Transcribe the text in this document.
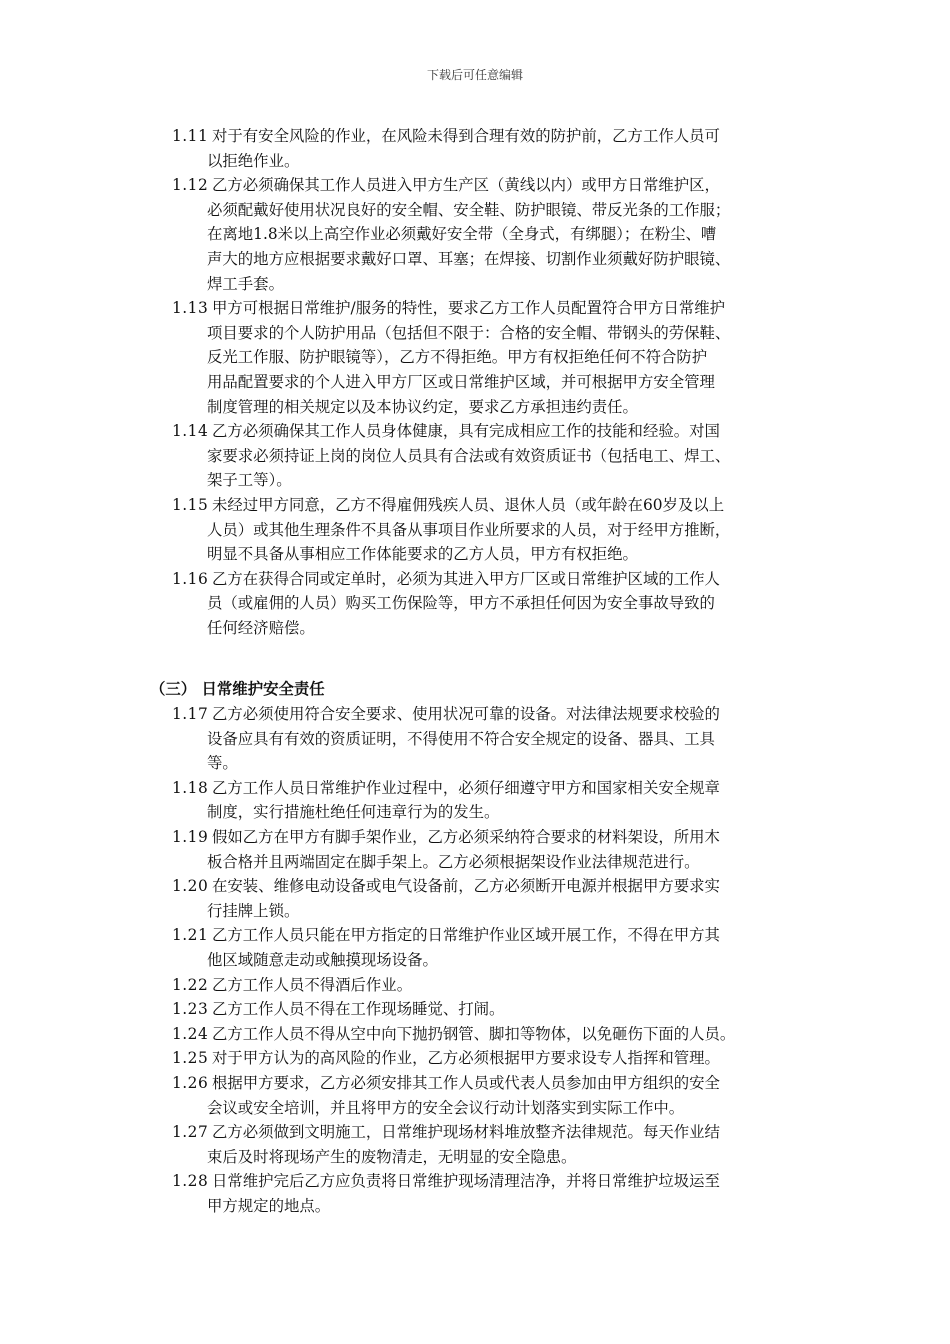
下载后可任意编辑
1.11 对于有安全风险的作业，在风险未得到合理有效的防护前，乙方工作人员可
以拒绝作业。
1.12 乙方必须确保其工作人员进入甲方生产区（黄线以内）或甲方日常维护区，
必须配戴好使用状况良好的安全帽、安全鞋、防护眼镜、带反光条的工作服；
在离地1.8米以上高空作业必须戴好安全带（全身式，有绑腿）；在粉尘、嘈
声大的地方应根据要求戴好口罩、耳塞；在焊接、切割作业须戴好防护眼镜、
焊工手套。
1.13 甲方可根据日常维护/服务的特性，要求乙方工作人员配置符合甲方日常维护
项目要求的个人防护用品（包括但不限于：合格的安全帽、带钢头的劳保鞋、
反光工作服、防护眼镜等），乙方不得拒绝。甲方有权拒绝任何不符合防护
用品配置要求的个人进入甲方厂区或日常维护区域，并可根据甲方安全管理
制度管理的相关规定以及本协议约定，要求乙方承担违约责任。
1.14 乙方必须确保其工作人员身体健康，具有完成相应工作的技能和经验。对国
家要求必须持证上岗的岗位人员具有合法或有效资质证书（包括电工、焊工、
架子工等）。
1.15 未经过甲方同意，乙方不得雇佣残疾人员、退休人员（或年龄在60岁及以上
人员）或其他生理条件不具备从事项目作业所要求的人员，对于经甲方推断，
明显不具备从事相应工作体能要求的乙方人员，甲方有权拒绝。
1.16 乙方在获得合同或定单时，必须为其进入甲方厂区或日常维护区域的工作人
员（或雇佣的人员）购买工伤保险等，甲方不承担任何因为安全事故导致的
任何经济赔偿。
（三） 日常维护安全责任
1.17 乙方必须使用符合安全要求、使用状况可靠的设备。对法律法规要求校验的
设备应具有有效的资质证明，不得使用不符合安全规定的设备、器具、工具
等。
1.18 乙方工作人员日常维护作业过程中，必须仔细遵守甲方和国家相关安全规章
制度，实行措施杜绝任何违章行为的发生。
1.19 假如乙方在甲方有脚手架作业，乙方必须采纳符合要求的材料架设，所用木
板合格并且两端固定在脚手架上。乙方必须根据架设作业法律规范进行。
1.20 在安装、维修电动设备或电气设备前，乙方必须断开电源并根据甲方要求实
行挂牌上锁。
1.21 乙方工作人员只能在甲方指定的日常维护作业区域开展工作，不得在甲方其
他区域随意走动或触摸现场设备。
1.22 乙方工作人员不得酒后作业。
1.23 乙方工作人员不得在工作现场睡觉、打闹。
1.24 乙方工作人员不得从空中向下抛扔钢管、脚扣等物体，以免砸伤下面的人员。
1.25 对于甲方认为的高风险的作业，乙方必须根据甲方要求设专人指挥和管理。
1.26 根据甲方要求，乙方必须安排其工作人员或代表人员参加由甲方组织的安全
会议或安全培训，并且将甲方的安全会议行动计划落实到实际工作中。
1.27 乙方必须做到文明施工，日常维护现场材料堆放整齐法律规范。每天作业结
束后及时将现场产生的废物清走，无明显的安全隐患。
1.28 日常维护完后乙方应负责将日常维护现场清理洁净，并将日常维护垃圾运至
甲方规定的地点。
